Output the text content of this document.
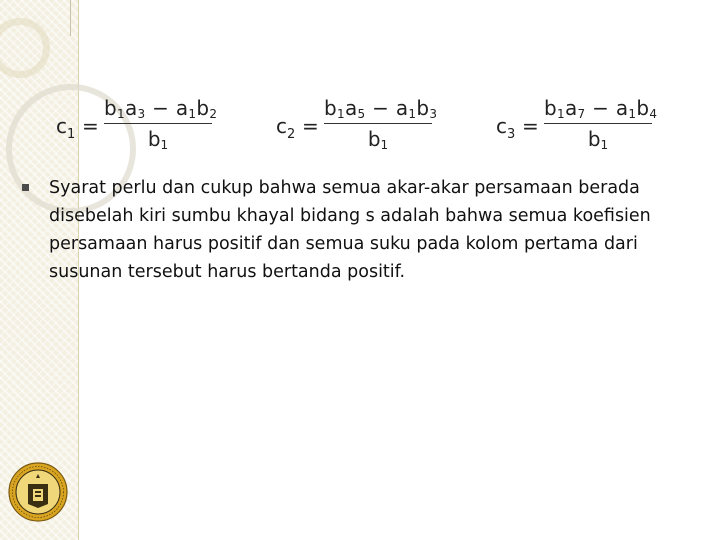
$c_1$ =
$b_1a_3 - a_1b_2$
$b_1$
$c_2$ =
$b_1a_5 - a_1b_3$
$b_1$
$c_3$ =
$b_1a_7 - a_1b_4$
$b_1$
Syarat perlu dan cukup bahwa semua akar-akar persamaan berada disebelah kiri sumbu khayal bidang s adalah bahwa semua koefisien persamaan harus positif dan semua suku pada kolom pertama dari susunan tersebut harus bertanda positif.
